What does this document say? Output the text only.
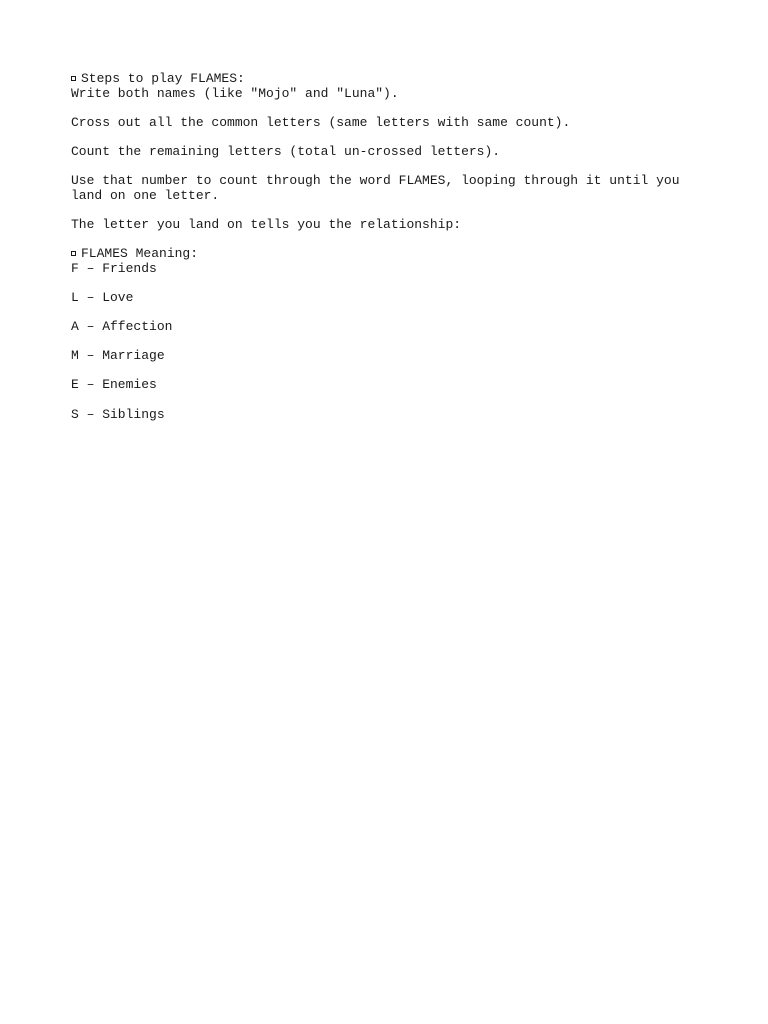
Steps to play FLAMES:
Write both names (like "Mojo" and "Luna").
Cross out all the common letters (same letters with same count).
Count the remaining letters (total un-crossed letters).
Use that number to count through the word FLAMES, looping through it until you land on one letter.
The letter you land on tells you the relationship:
FLAMES Meaning:
F – Friends
L – Love
A – Affection
M – Marriage
E – Enemies
S – Siblings
